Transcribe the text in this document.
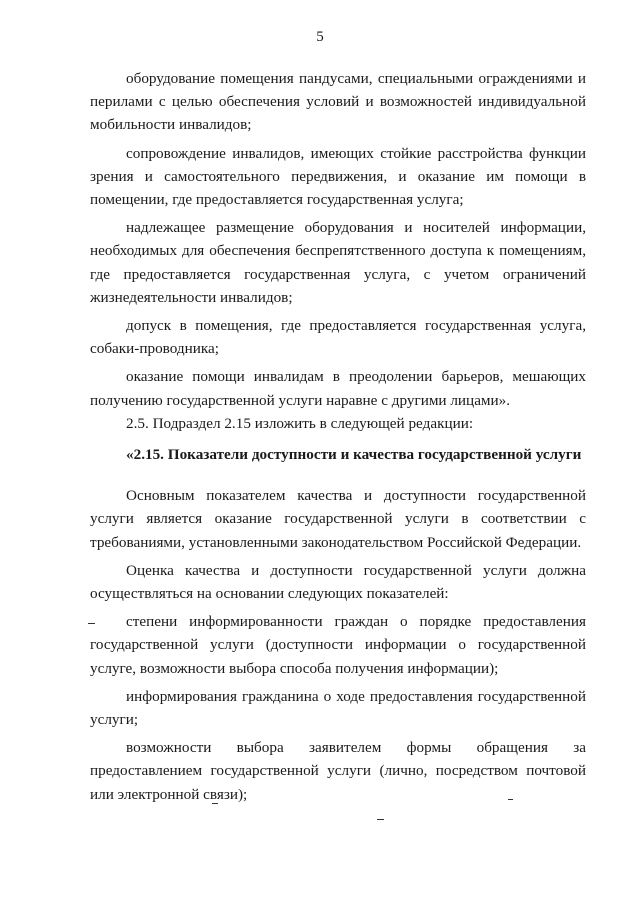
5

оборудование помещения пандусами, специальными ограждениями и перилами с целью обеспечения условий и возможностей индивидуальной мобильности инвалидов;

сопровождение инвалидов, имеющих стойкие расстройства функции зрения и самостоятельного передвижения, и оказание им помощи в помещении, где предоставляется государственная услуга;

надлежащее размещение оборудования и носителей информации, необходимых для обеспечения беспрепятственного доступа к помещениям, где предоставляется государственная услуга, с учетом ограничений жизнедеятельности инвалидов;

допуск в помещения, где предоставляется государственная услуга, собаки-проводника;

оказание помощи инвалидам в преодолении барьеров, мешающих получению государственной услуги наравне с другими лицами».

2.5. Подраздел 2.15 изложить в следующей редакции:

«2.15. Показатели доступности и качества государственной услуги

Основным показателем качества и доступности государственной услуги является оказание государственной услуги в соответствии с требованиями, установленными законодательством Российской Федерации.

Оценка качества и доступности государственной услуги должна осуществляться на основании следующих показателей:

степени информированности граждан о порядке предоставления государственной услуги (доступности информации о государственной услуге, возможности выбора способа получения информации);

информирования гражданина о ходе предоставления государственной услуги;

возможности выбора заявителем формы обращения за предоставлением государственной услуги (лично, посредством почтовой или электронной связи);
